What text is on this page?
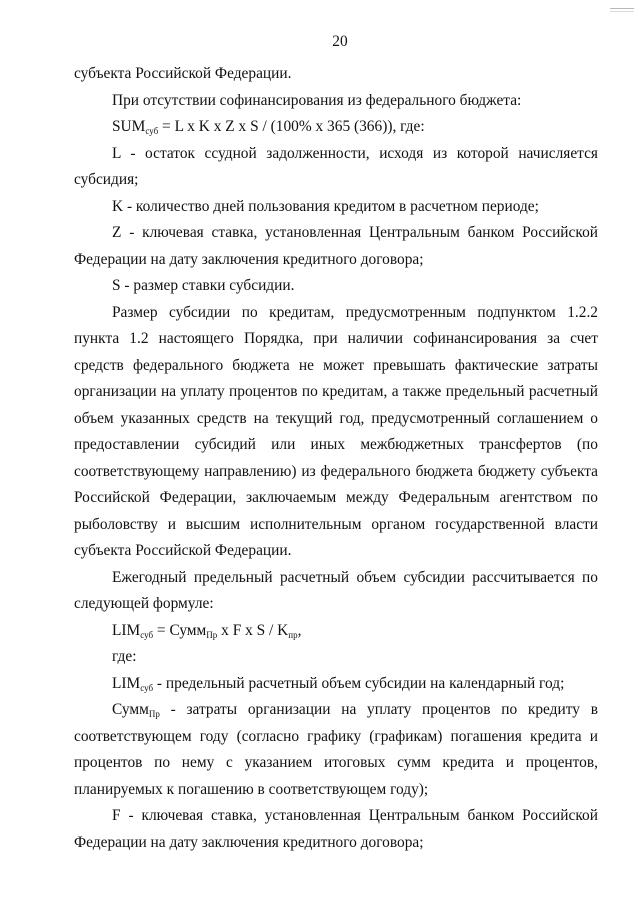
20

субъекта Российской Федерации.

При отсутствии софинансирования из федерального бюджета:

$SUM_{суб} = L$ x K x Z x S / (100% x 365 (366)), где:

L - остаток ссудной задолженности, исходя из которой начисляется субсидия;

K - количество дней пользования кредитом в расчетном периоде;

Z - ключевая ставка, установленная Центральным банком Российской Федерации на дату заключения кредитного договора;

S - размер ставки субсидии.

Размер субсидии по кредитам, предусмотренным подпунктом 1.2.2 пункта 1.2 настоящего Порядка, при наличии софинансирования за счет средств федерального бюджета не может превышать фактические затраты организации на уплату процентов по кредитам, а также предельный расчетный объем указанных средств на текущий год, предусмотренный соглашением о предоставлении субсидий или иных межбюджетных трансфертов (по соответствующему направлению) из федерального бюджета бюджету субъекта Российской Федерации, заключаемым между Федеральным агентством по рыболовству и высшим исполнительным органом государственной власти субъекта Российской Федерации.

Ежегодный предельный расчетный объем субсидии рассчитывается по следующей формуле:

$LIM_{суб}$ = Сумм$_{Пр}$ x F x S / $K_{пр}$,

где:

$LIM_{суб}$ - предельный расчетный объем субсидии на календарный год;

Сумм$_{Пр}$ - затраты организации на уплату процентов по кредиту в соответствующем году (согласно графику (графикам) погашения кредита и процентов по нему с указанием итоговых сумм кредита и процентов, планируемых к погашению в соответствующем году);

F - ключевая ставка, установленная Центральным банком Российской Федерации на дату заключения кредитного договора;
